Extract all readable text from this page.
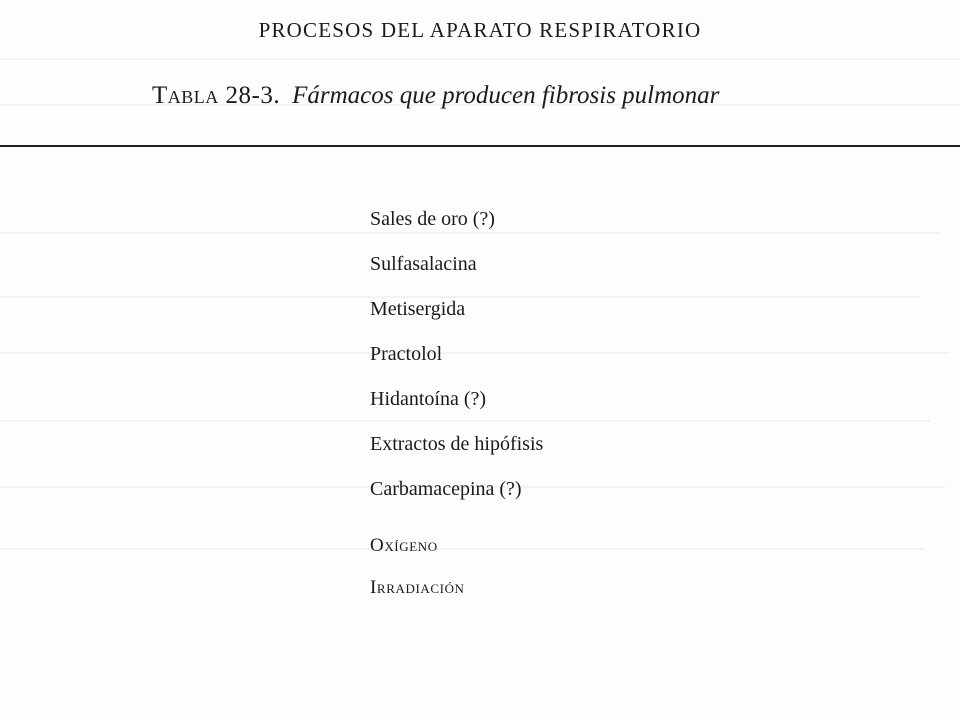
PROCESOS DEL APARATO RESPIRATORIO
Tabla 28-3. Fármacos que producen fibrosis pulmonar
Sales de oro (?)
Sulfasalacina
Metisergida
Practolol
Hidantoína (?)
Extractos de hipófisis
Carbamacepina (?)
Oxígeno
Irradiación
